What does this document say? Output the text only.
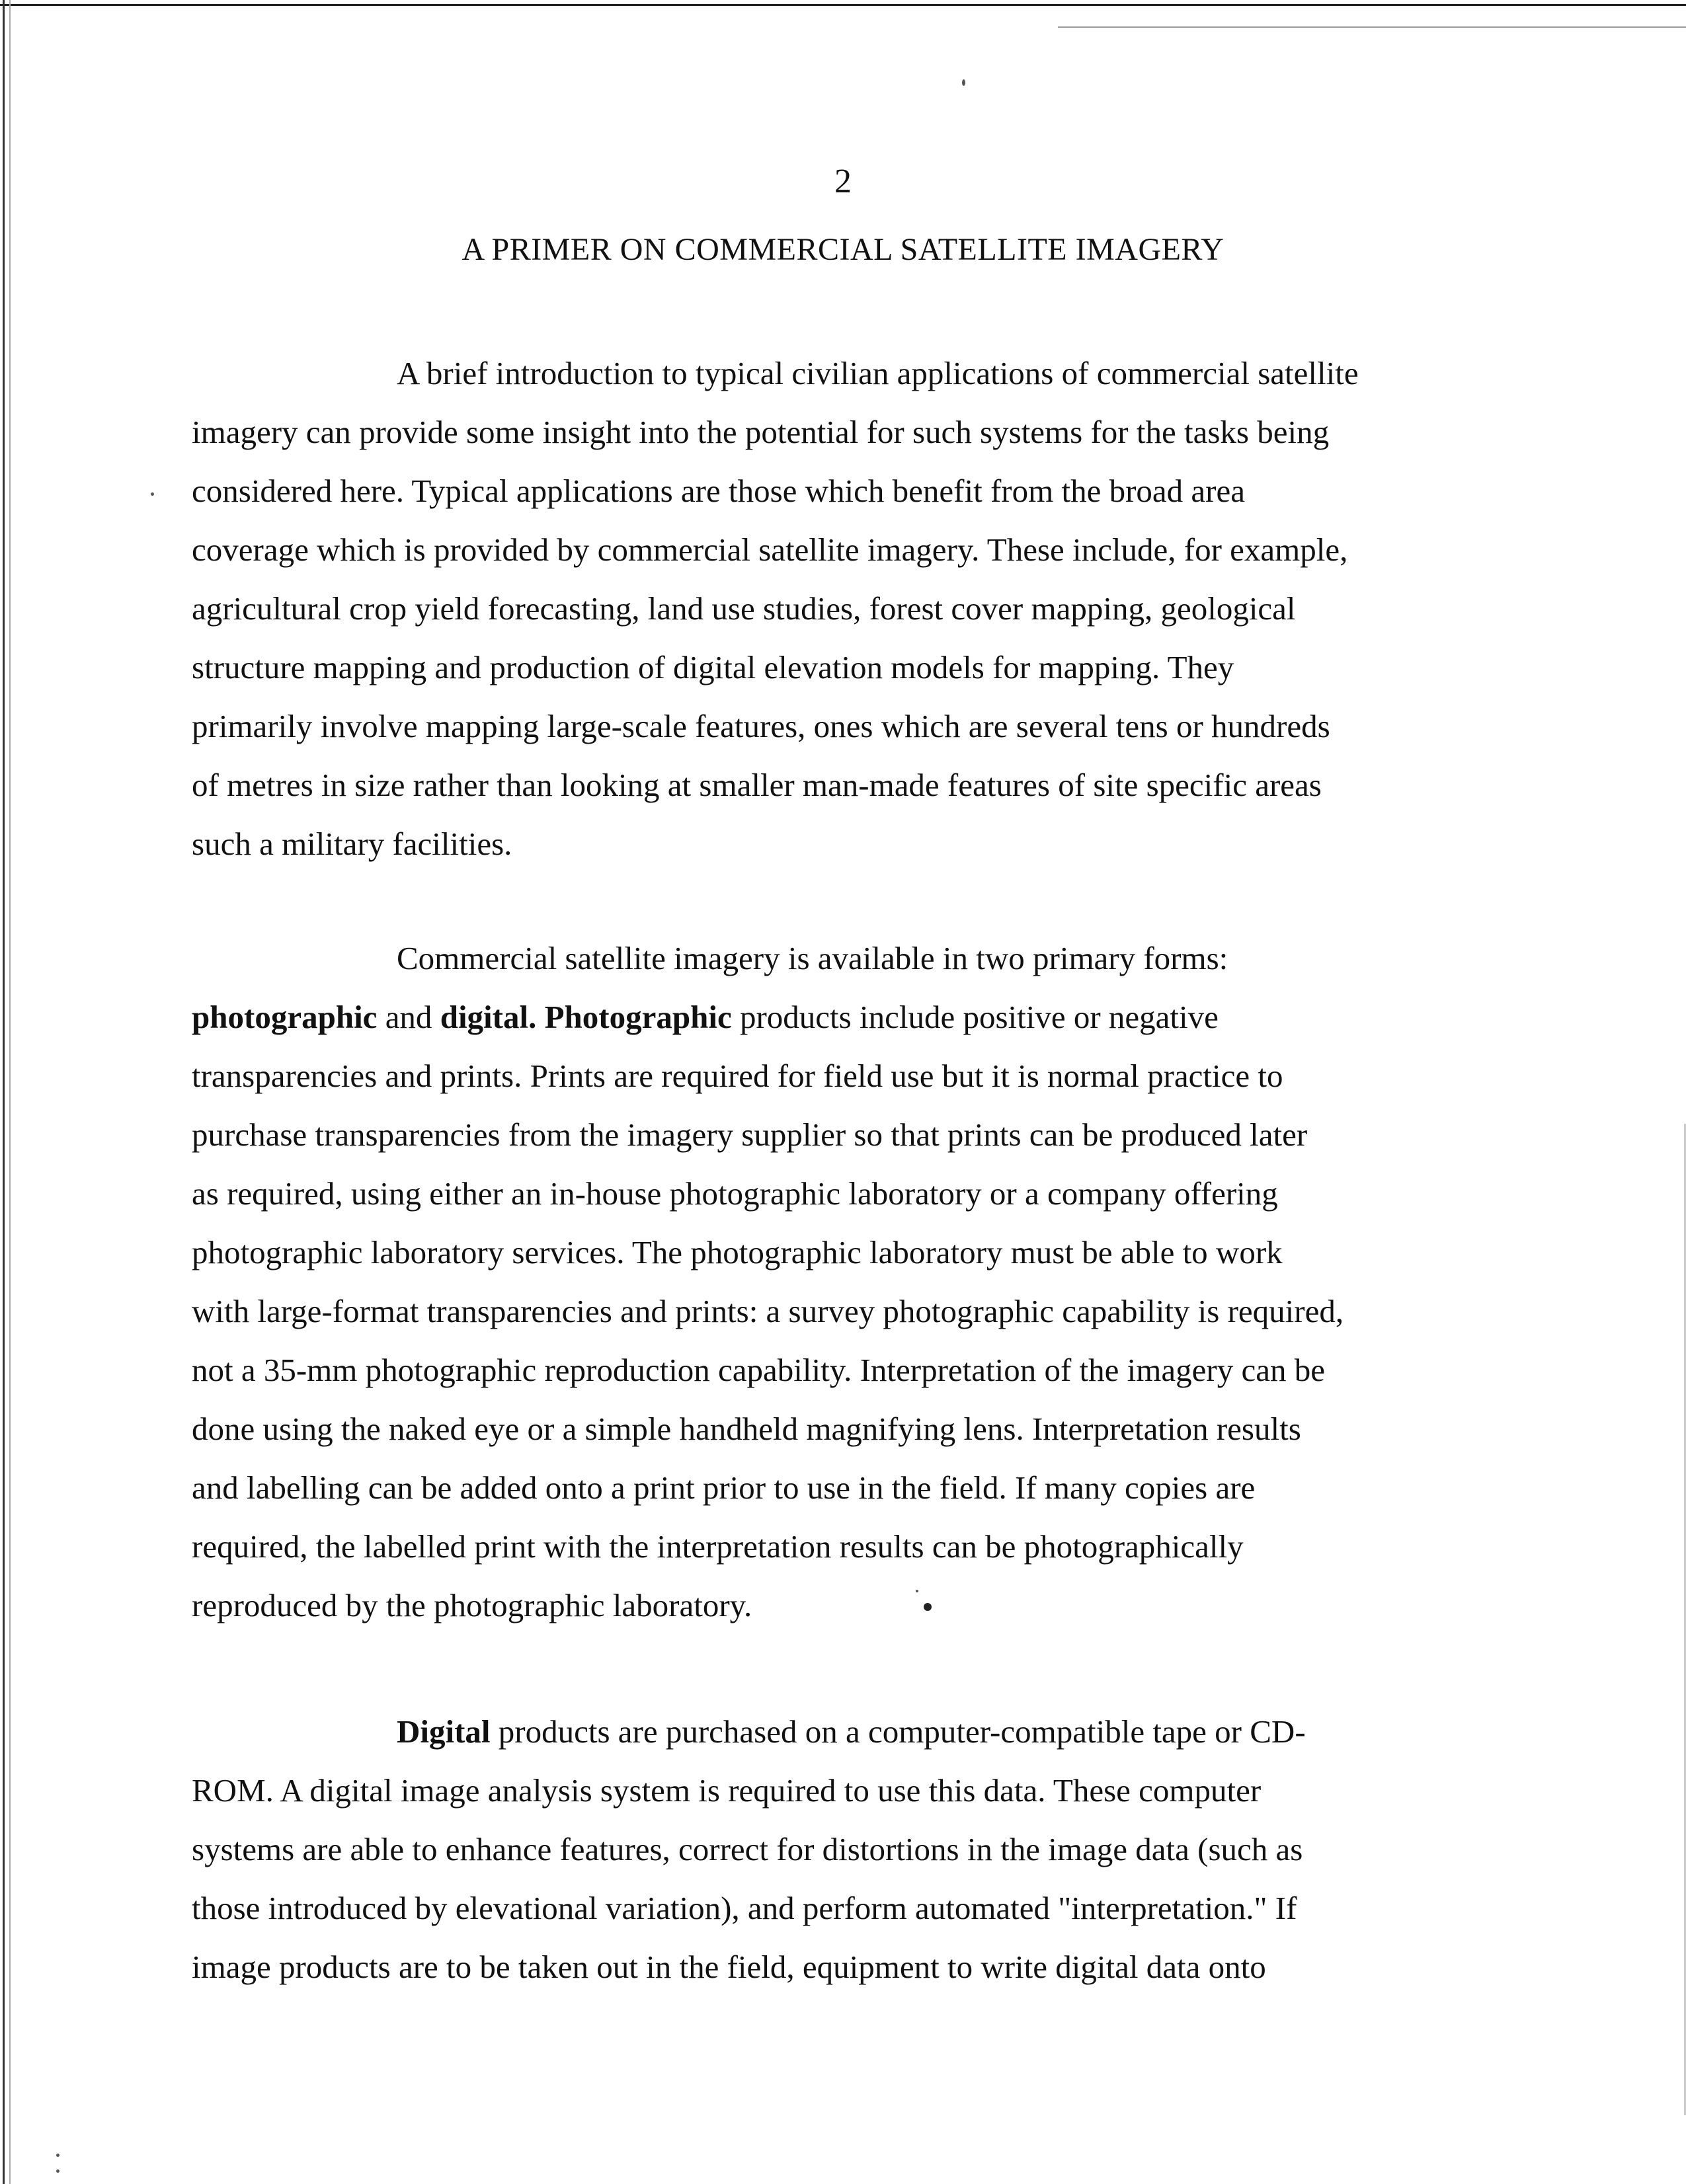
2
A PRIMER ON COMMERCIAL SATELLITE IMAGERY

A brief introduction to typical civilian applications of commercial satellite
imagery can provide some insight into the potential for such systems for the tasks being
considered here. Typical applications are those which benefit from the broad area
coverage which is provided by commercial satellite imagery. These include, for example,
agricultural crop yield forecasting, land use studies, forest cover mapping, geological
structure mapping and production of digital elevation models for mapping. They
primarily involve mapping large-scale features, ones which are several tens or hundreds
of metres in size rather than looking at smaller man-made features of site specific areas
such a military facilities.

Commercial satellite imagery is available in two primary forms:
photographic and digital. Photographic products include positive or negative
transparencies and prints. Prints are required for field use but it is normal practice to
purchase transparencies from the imagery supplier so that prints can be produced later
as required, using either an in-house photographic laboratory or a company offering
photographic laboratory services. The photographic laboratory must be able to work
with large-format transparencies and prints: a survey photographic capability is required,
not a 35-mm photographic reproduction capability. Interpretation of the imagery can be
done using the naked eye or a simple handheld magnifying lens. Interpretation results
and labelling can be added onto a print prior to use in the field. If many copies are
required, the labelled print with the interpretation results can be photographically
reproduced by the photographic laboratory.

Digital products are purchased on a computer-compatible tape or CD-
ROM. A digital image analysis system is required to use this data. These computer
systems are able to enhance features, correct for distortions in the image data (such as
those introduced by elevational variation), and perform automated "interpretation." If
image products are to be taken out in the field, equipment to write digital data onto
